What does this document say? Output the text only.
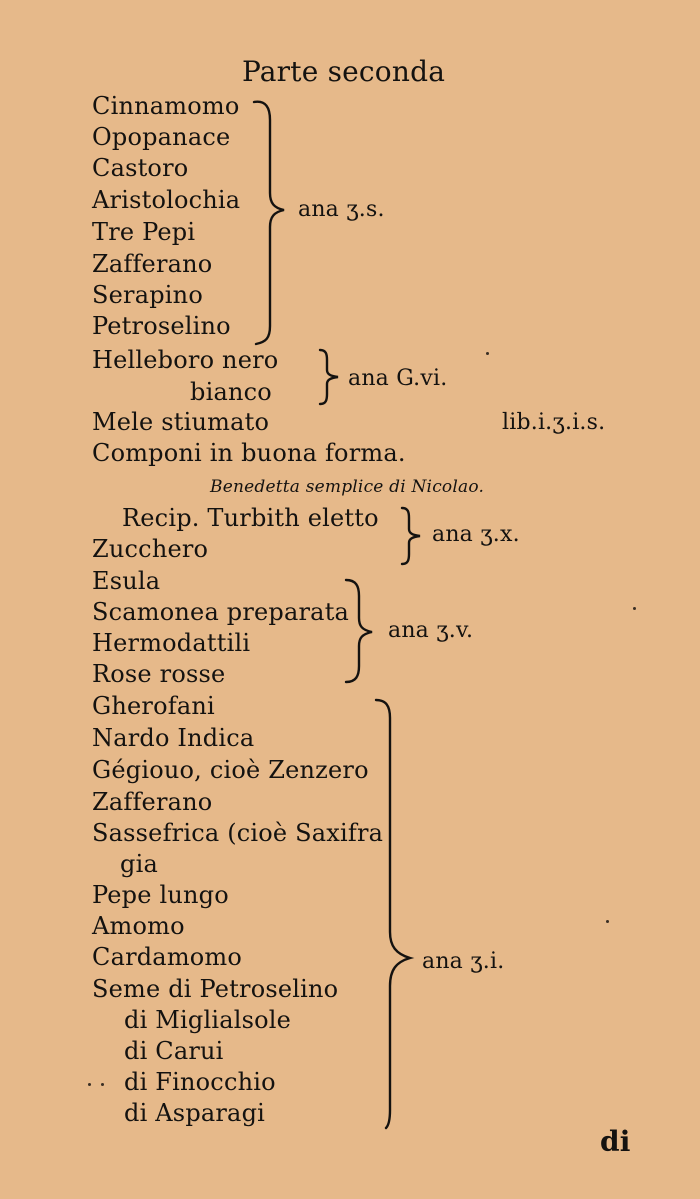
Parte seconda
Cinnamomo
Opopanace
Castoro
Aristolochia
Tre Pepi
Zafferano
Serapino
Petroselino
ana ʒ.s.
Helleboro nero
bianco	ana G.vi.
Mele stiumato	lib.i.ʒ.i.s.
Componi in buona forma.
Benedetta semplice di Nicolao.
Recip. Turbith eletto
Zucchero
ana ʒ.x.
Esula
Scamonea preparata
Hermodattili
Rose rosse
ana ʒ.v.
Gherofani
Nardo Indica
Gégiouo, cioè Zenzero
Zafferano
Sassefrica (cioè Saxifra
gia
Pepe lungo
Amomo
Cardamomo
Seme di Petroselino
di Miglialsole
di Carui
di Finocchio
di Asparagi
ana ʒ.i.
di
